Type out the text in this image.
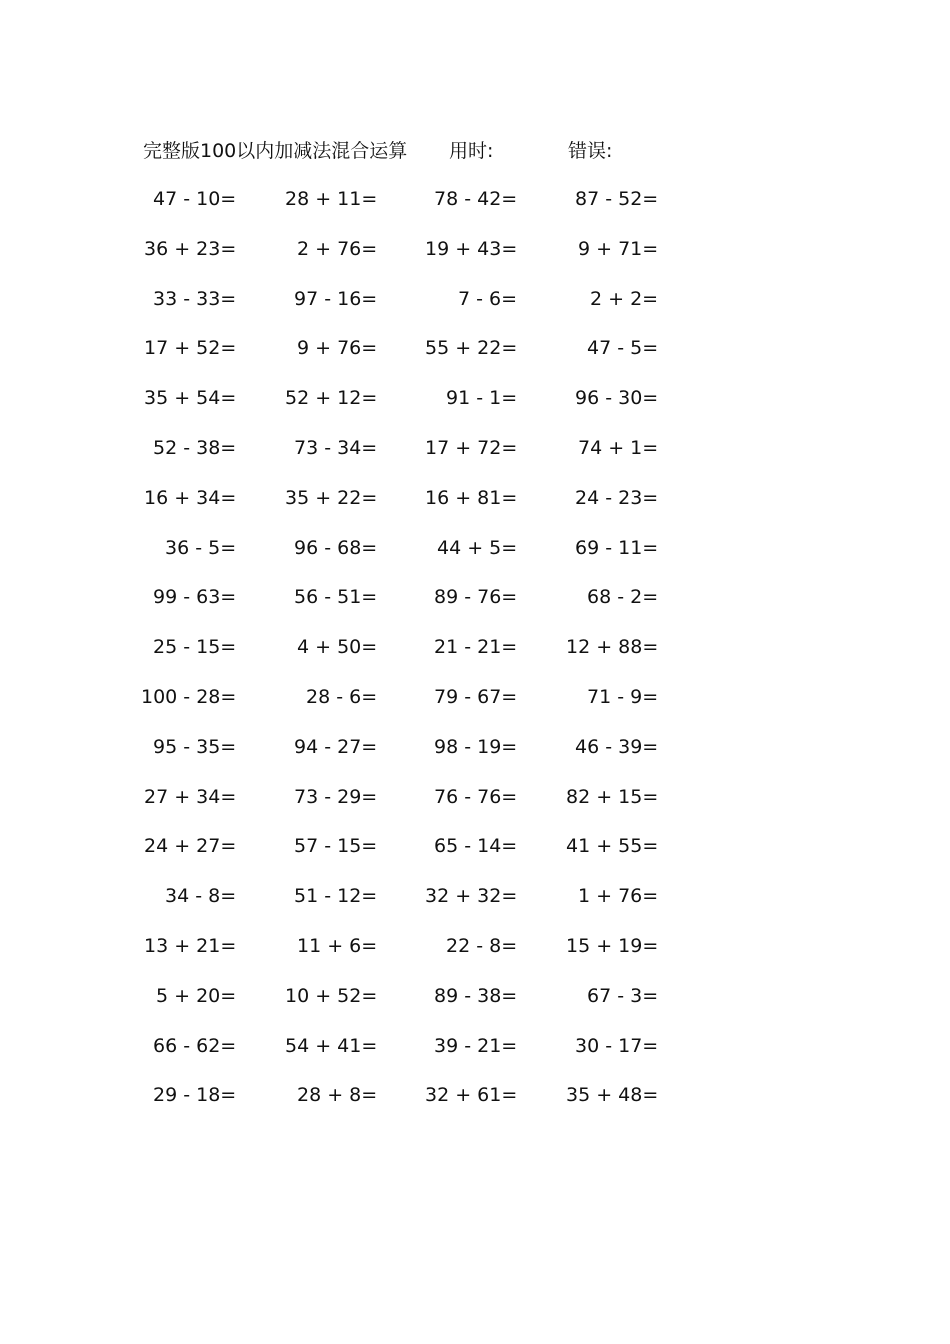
完整版100以内加减法混合运算 用时:	错误:
47 - 10=	28 + 11=	78 - 42=	87 - 52=
36 + 23=	2 + 76=	19 + 43=	9 + 71=
33 - 33=	97 - 16=	7 - 6=	2 + 2=
17 + 52=	9 + 76=	55 + 22=	47 - 5=
35 + 54=	52 + 12=	91 - 1=	96 - 30=
52 - 38=	73 - 34=	17 + 72=	74 + 1=
16 + 34=	35 + 22=	16 + 81=	24 - 23=
36 - 5=	96 - 68=	44 + 5=	69 - 11=
99 - 63=	56 - 51=	89 - 76=	68 - 2=
25 - 15=	4 + 50=	21 - 21=	12 + 88=
100 - 28=	28 - 6=	79 - 67=	71 - 9=
95 - 35=	94 - 27=	98 - 19=	46 - 39=
27 + 34=	73 - 29=	76 - 76=	82 + 15=
24 + 27=	57 - 15=	65 - 14=	41 + 55=
34 - 8=	51 - 12=	32 + 32=	1 + 76=
13 + 21=	11 + 6=	22 - 8=	15 + 19=
5 + 20=	10 + 52=	89 - 38=	67 - 3=
66 - 62=	54 + 41=	39 - 21=	30 - 17=
29 - 18=	28 + 8=	32 + 61=	35 + 48=
